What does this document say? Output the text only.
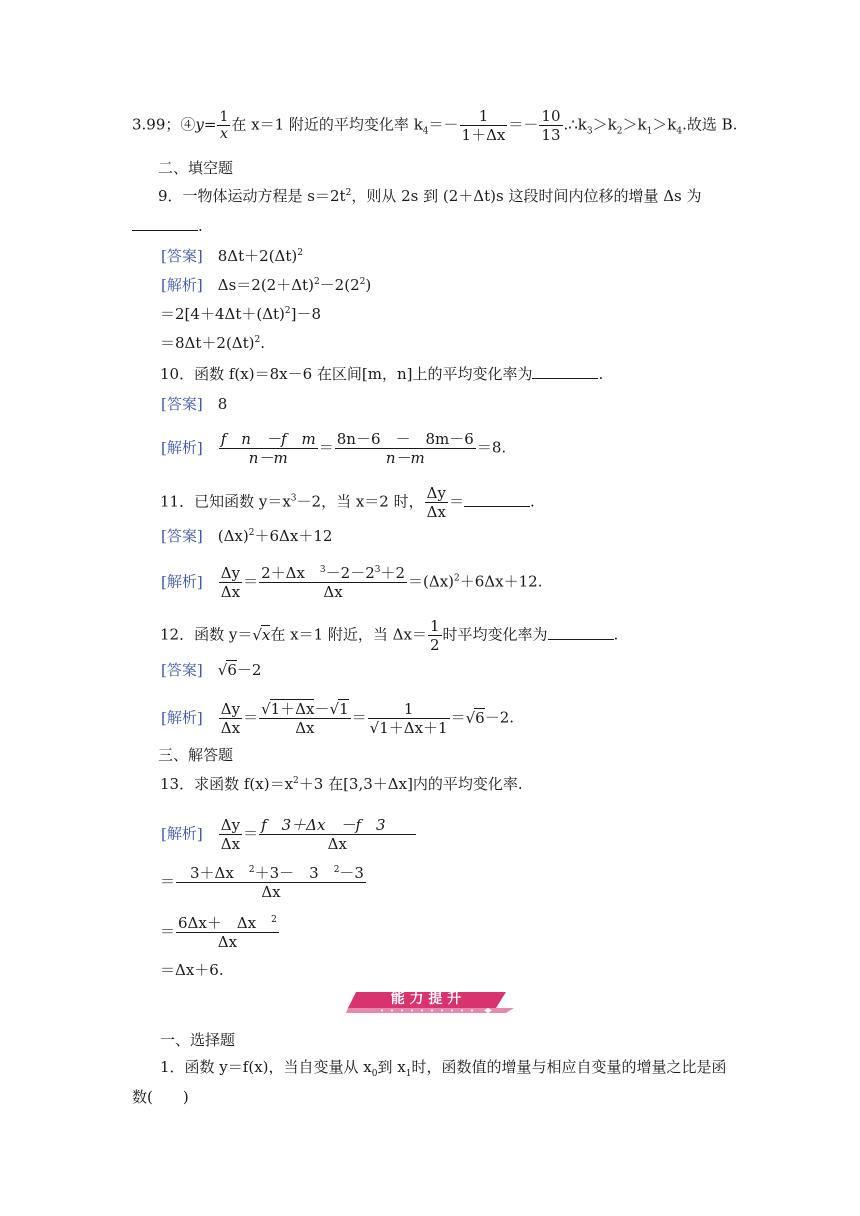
3.99；④y= $\frac{1}{x}$ 在 x＝1 附近的平均变化率 $k_4=- \frac{1}{1+\Delta x} =- \frac{10}{13}$ $.\therefore k_3>k_2>k_1>k_4$.故选 B.
二、填空题
9．一物体运动方程是 $s=2t^2$，则从 2s 到 (2＋Δt)s 这段时间内位移的增量 Δs 为
.
[ 答案 ]　 $8\Delta t+2(\Delta t)^2$
[ 解析 ]　 $\Delta s=2(2+\Delta t)^2-2(2^2)$
$=2[4+4\Delta t+(\Delta t)^2]-8$
$=8\Delta t+2(\Delta t)^2$.
10．函数 f(x)＝8x－6 在区间[m，n]上的平均变化率为	.
[ 答案 ]　 8
[ 解析 ]　 $\frac{\text{f　n　－f　m}}{n-m} = \frac{8n-6 - 8m-6}{n-m} =8$.
11．已知函数 $y=x^3-2$，当 x＝2 时， $\frac{\Delta y}{\Delta x}$ ＝	.
[ 答案 ]　 $(\Delta x)^2+6\Delta x+12$
[ 解析 ]　 $\frac{\Delta y}{\Delta x} = \frac{2+\Delta x ^3-2-2^3+2}{\Delta x} =(\Delta x)^2+6\Delta x+12$.
12．函数 y＝√x在 x＝1 附近，当 $\Delta x= \frac{1}{2}$ 时平均变化率为	.
[ 答案 ]　 √6－2
[ 解析 ]　 $\frac{\Delta y}{\Delta x} = \frac{√1+\Delta x-√1}{\Delta x} = \frac{1}{√1+\Delta x+1} =√6-2$.
三、解答题
13．求函数 $f(x)=x^2+3$ 在[3,3＋Δx]内的平均变化率.
[ 解析 ]　 $\frac{\Delta y}{\Delta x} = \frac{f 3+\Delta x -f 3}{\Delta x}$
＝ $\frac{3+\Delta x ^2+3- 3 ^2-3}{\Delta x}$
＝ $\frac{6\Delta x+ \Delta x ^2}{\Delta x}$
＝Δx＋6.
能 力 提 升
一、选择题
1．函数 y＝f(x)，当自变量从 $x_0$到 $x_1$时，函数值的增量与相应自变量的增量之比是函
数(　　)
